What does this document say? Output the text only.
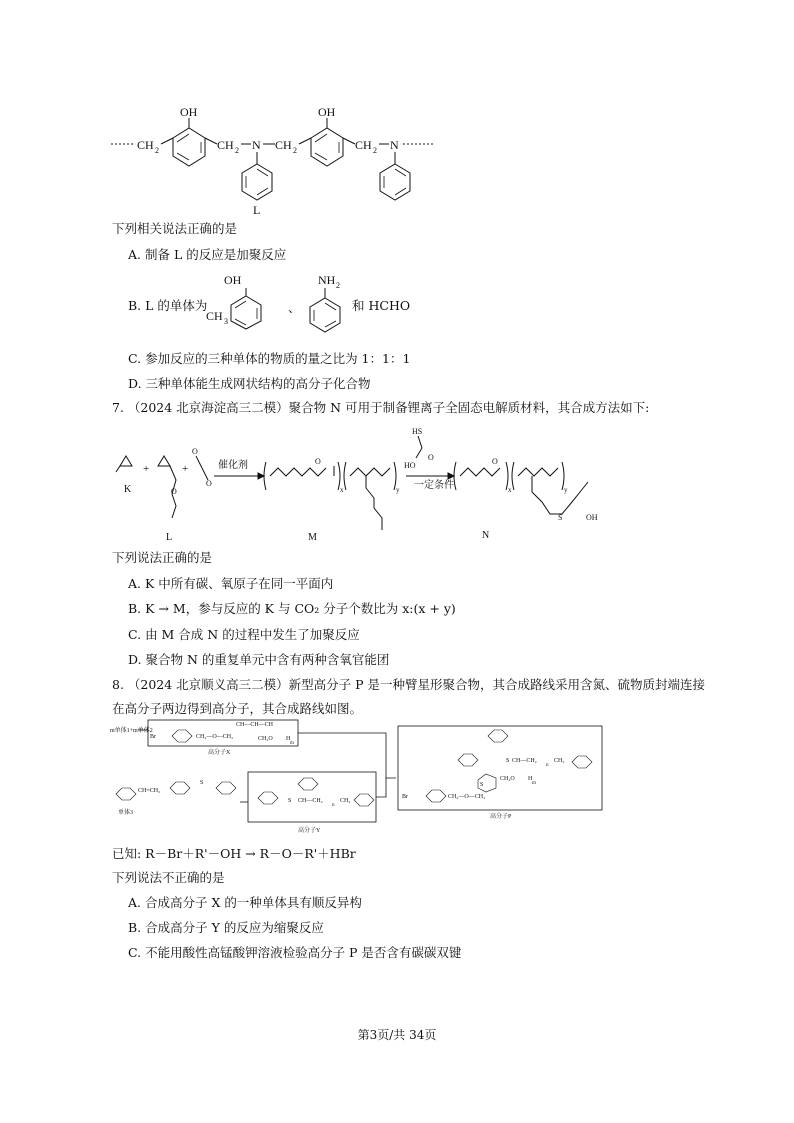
CH 2
OH
CH 2 N
L
CH 2
OH
CH 2 N
下列相关说法正确的是
A. 制备 L 的反应是加聚反应
B. L 的单体为
OH
CH 3
、
NH 2
和 HCHO
C. 参加反应的三种单体的物质的量之比为 1：1：1
D. 三种单体能生成网状结构的高分子化合物
7. （2024 北京海淀高三二模）聚合物 N 可用于制备锂离子全固态电解质材料，其合成方法如下:
K
+
O
L
+
O
O
催化剂	O
x	y
M
一定条件
HS
HO
O	O
x	y
S	OH
N
下列说法正确的是
A. K 中所有碳、氧原子在同一平面内
B. K → M，参与反应的 K 与 CO₂ 分子个数比为 x:(x + y)
C. 由 M 合成 N 的过程中发生了加聚反应
D. 聚合物 N 的重复单元中含有两种含氧官能团
8. （2024 北京顺义高三二模）新型高分子 P 是一种臂星形聚合物，其合成路线采用含氮、硫物质封端连接
在高分子两边得到高分子，其合成路线如图。
m单体1+m单体2
Br	CH₂—O—CH₂
CH—CH—CH
CH₂O H
m
高分子X
CH=CH₂
单体3
S
S CH—CH₂
n
CH₂
高分子Y
S CH—CH₂
n
CH₂
S
CH₂O H
m
Br	CH₂—O—CH₂
高分子P
已知: R－Br＋R'－OH → R－O－R'＋HBr
下列说法不正确的是
A. 合成高分子 X 的一种单体具有顺反异构
B. 合成高分子 Y 的反应为缩聚反应
C. 不能用酸性高锰酸钾溶液检验高分子 P 是否含有碳碳双键
第3页/共 34页
